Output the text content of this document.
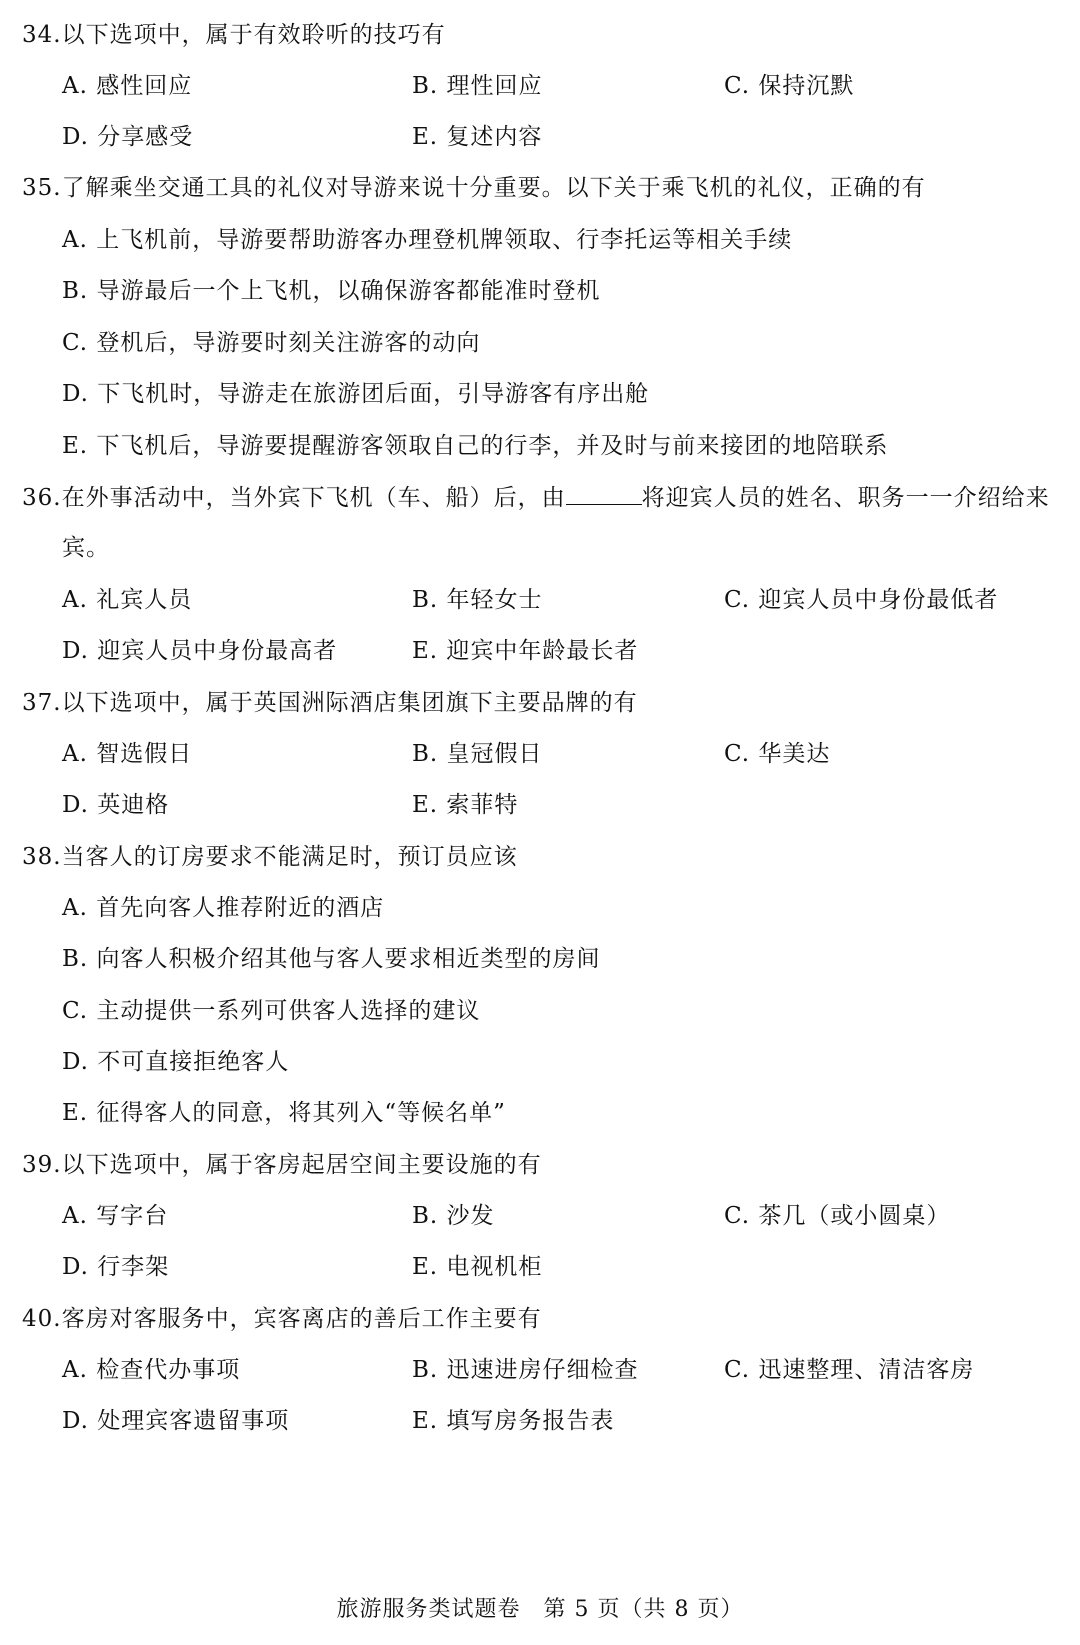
34.以下选项中，属于有效聆听的技巧有
A. 感性回应	B. 理性回应	C. 保持沉默
D. 分享感受	E. 复述内容
35.了解乘坐交通工具的礼仪对导游来说十分重要。以下关于乘飞机的礼仪，正确的有
A. 上飞机前，导游要帮助游客办理登机牌领取、行李托运等相关手续
B. 导游最后一个上飞机，以确保游客都能准时登机
C. 登机后，导游要时刻关注游客的动向
D. 下飞机时，导游走在旅游团后面，引导游客有序出舱
E. 下飞机后，导游要提醒游客领取自己的行李，并及时与前来接团的地陪联系
36.在外事活动中，当外宾下飞机（车、船）后，由	将迎宾人员的姓名、职务一一介绍给来
宾。
A. 礼宾人员	B. 年轻女士	C. 迎宾人员中身份最低者
D. 迎宾人员中身份最高者	E. 迎宾中年龄最长者
37.以下选项中，属于英国洲际酒店集团旗下主要品牌的有
A. 智选假日	B. 皇冠假日	C. 华美达
D. 英迪格	E. 索菲特
38.当客人的订房要求不能满足时，预订员应该
A. 首先向客人推荐附近的酒店
B. 向客人积极介绍其他与客人要求相近类型的房间
C. 主动提供一系列可供客人选择的建议
D. 不可直接拒绝客人
E. 征得客人的同意，将其列入“等候名单”
39.以下选项中，属于客房起居空间主要设施的有
A. 写字台	B. 沙发	C. 茶几（或小圆桌）
D. 行李架	E. 电视机柜
40.客房对客服务中，宾客离店的善后工作主要有
A. 检查代办事项	B. 迅速进房仔细检查	C. 迅速整理、清洁客房
D. 处理宾客遗留事项	E. 填写房务报告表
旅游服务类试题卷　第 5 页（共 8 页）
